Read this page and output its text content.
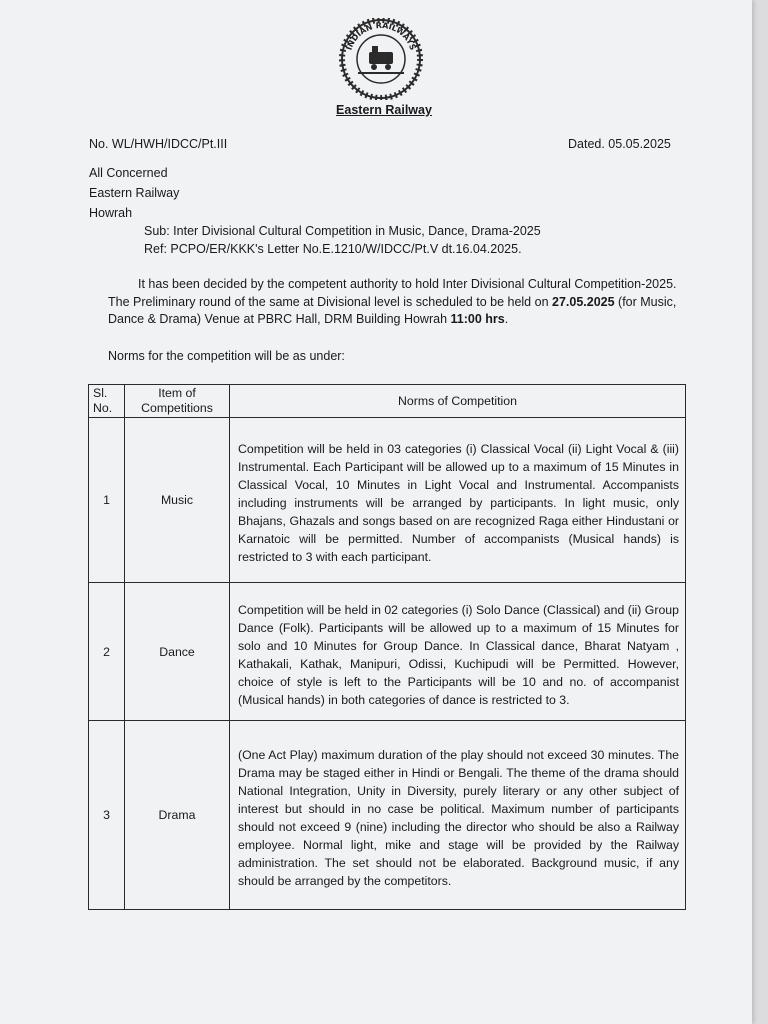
INDIAN RAILWAYS
Eastern Railway
No. WL/HWH/IDCC/Pt.III	Dated. 05.05.2025
All Concerned
Eastern Railway
Howrah
Sub: Inter Divisional Cultural Competition in Music, Dance, Drama-2025
Ref: PCPO/ER/KKK's Letter No.E.1210/W/IDCC/Pt.V dt.16.04.2025.
It has been decided by the competent authority to hold Inter Divisional Cultural Competition-2025. The Preliminary round of the same at Divisional level is scheduled to be held on 27.05.2025 (for Music, Dance & Drama) Venue at PBRC Hall, DRM Building Howrah 11:00 hrs.
Norms for the competition will be as under:
Sl. No.	Item of Competitions	Norms of Competition
1	Music	Competition will be held in 03 categories (i) Classical Vocal (ii) Light Vocal & (iii) Instrumental. Each Participant will be allowed up to a maximum of 15 Minutes in Classical Vocal, 10 Minutes in Light Vocal and Instrumental. Accompanists including instruments will be arranged by participants. In light music, only Bhajans, Ghazals and songs based on are recognized Raga either Hindustani or Karnatoic will be permitted. Number of accompanists (Musical hands) is restricted to 3 with each participant.

2	Dance	Competition will be held in 02 categories (i) Solo Dance (Classical) and (ii) Group Dance (Folk). Participants will be allowed up to a maximum of 15 Minutes for solo and 10 Minutes for Group Dance. In Classical dance, Bharat Natyam , Kathakali, Kathak, Manipuri, Odissi, Kuchipudi will be Permitted. However, choice of style is left to the Participants will be 10 and no. of accompanist (Musical hands) in both categories of dance is restricted to 3.

3	Drama	(One Act Play) maximum duration of the play should not exceed 30 minutes. The Drama may be staged either in Hindi or Bengali. The theme of the drama should National Integration, Unity in Diversity, purely literary or any other subject of interest but should in no case be political. Maximum number of participants should not exceed 9 (nine) including the director who should be also a Railway employee. Normal light, mike and stage will be provided by the Railway administration. The set should not be elaborated. Background music, if any should be arranged by the competitors.
